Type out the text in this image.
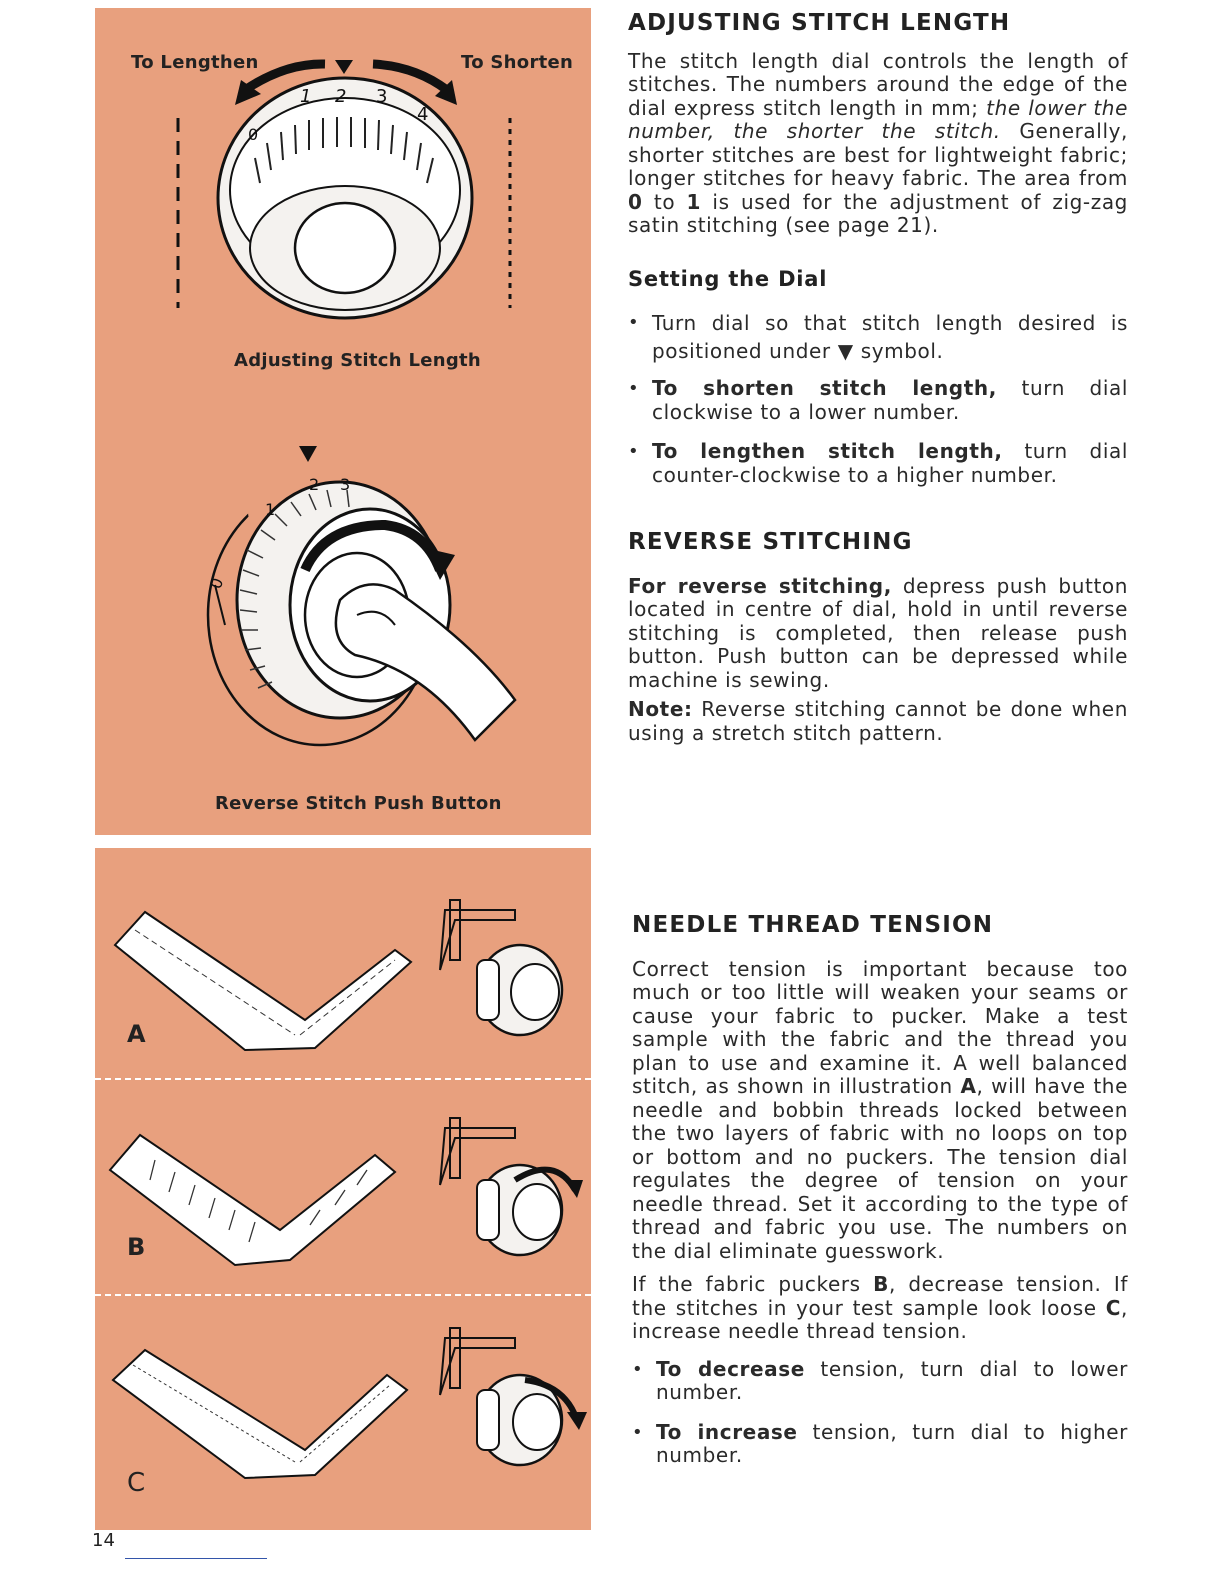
To Lengthen	To Shorten
0
1 2 3
4
Adjusting Stitch Length
0
1
2 3
Reverse Stitch Push Button
A
B
C
ADJUSTING STITCH LENGTH

The stitch length dial controls the length of stitches. The numbers around the edge of the dial express stitch length in mm; the lower the number, the shorter the stitch. Generally, shorter stitches are best for lightweight fabric; longer stitches for heavy fabric. The area from 0 to 1 is used for the adjustment of zig-zag satin stitching (see page 21).

Setting the Dial
• Turn dial so that stitch length desired is positioned under ▼ symbol.
• To shorten stitch length, turn dial clockwise to a lower number.
• To lengthen stitch length, turn dial counter-clockwise to a higher number.
REVERSE STITCHING

For reverse stitching, depress push button located in centre of dial, hold in until reverse stitching is completed, then release push button. Push button can be depressed while machine is sewing.

Note: Reverse stitching cannot be done when using a stretch stitch pattern.

NEEDLE THREAD TENSION

Correct tension is important because too much or too little will weaken your seams or cause your fabric to pucker. Make a test sample with the fabric and the thread you plan to use and examine it. A well balanced stitch, as shown in illustration A, will have the needle and bobbin threads locked between the two layers of fabric with no loops on top or bottom and no puckers. The tension dial regulates the degree of tension on your needle thread. Set it according to the type of thread and fabric you use. The numbers on the dial eliminate guesswork.

If the fabric puckers B, decrease tension. If the stitches in your test sample look loose C, increase needle thread tension.

• To decrease tension, turn dial to lower number.
• To increase tension, turn dial to higher number.
14
